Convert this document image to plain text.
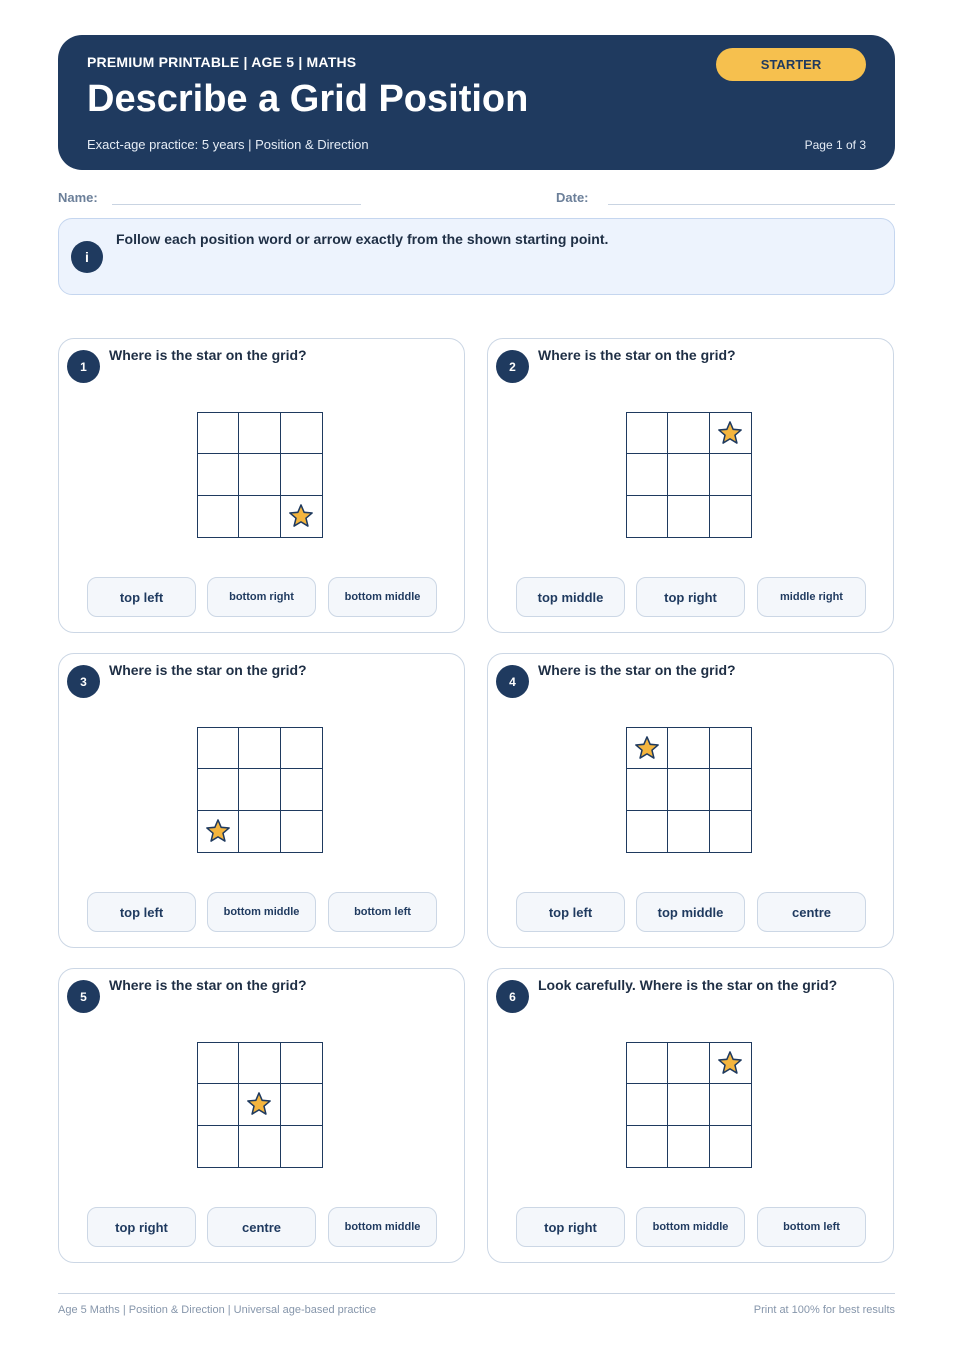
PREMIUM PRINTABLE | AGE 5 | MATHS
Describe a Grid Position
Exact-age practice: 5 years | Position & Direction	Page 1 of 3
STARTER
Name:	Date:
i
Follow each position word or arrow exactly from the shown starting point.
1
Where is the star on the grid?
top left	bottom right	bottom middle
2
Where is the star on the grid?
top middle	top right	middle right
3
Where is the star on the grid?
top left	bottom middle	bottom left
4
Where is the star on the grid?
top left	top middle	centre
5
Where is the star on the grid?
top right	centre	bottom middle
6
Look carefully. Where is the star on the grid?
top right	bottom middle	bottom left
Age 5 Maths | Position & Direction | Universal age-based practice	Print at 100% for best results
